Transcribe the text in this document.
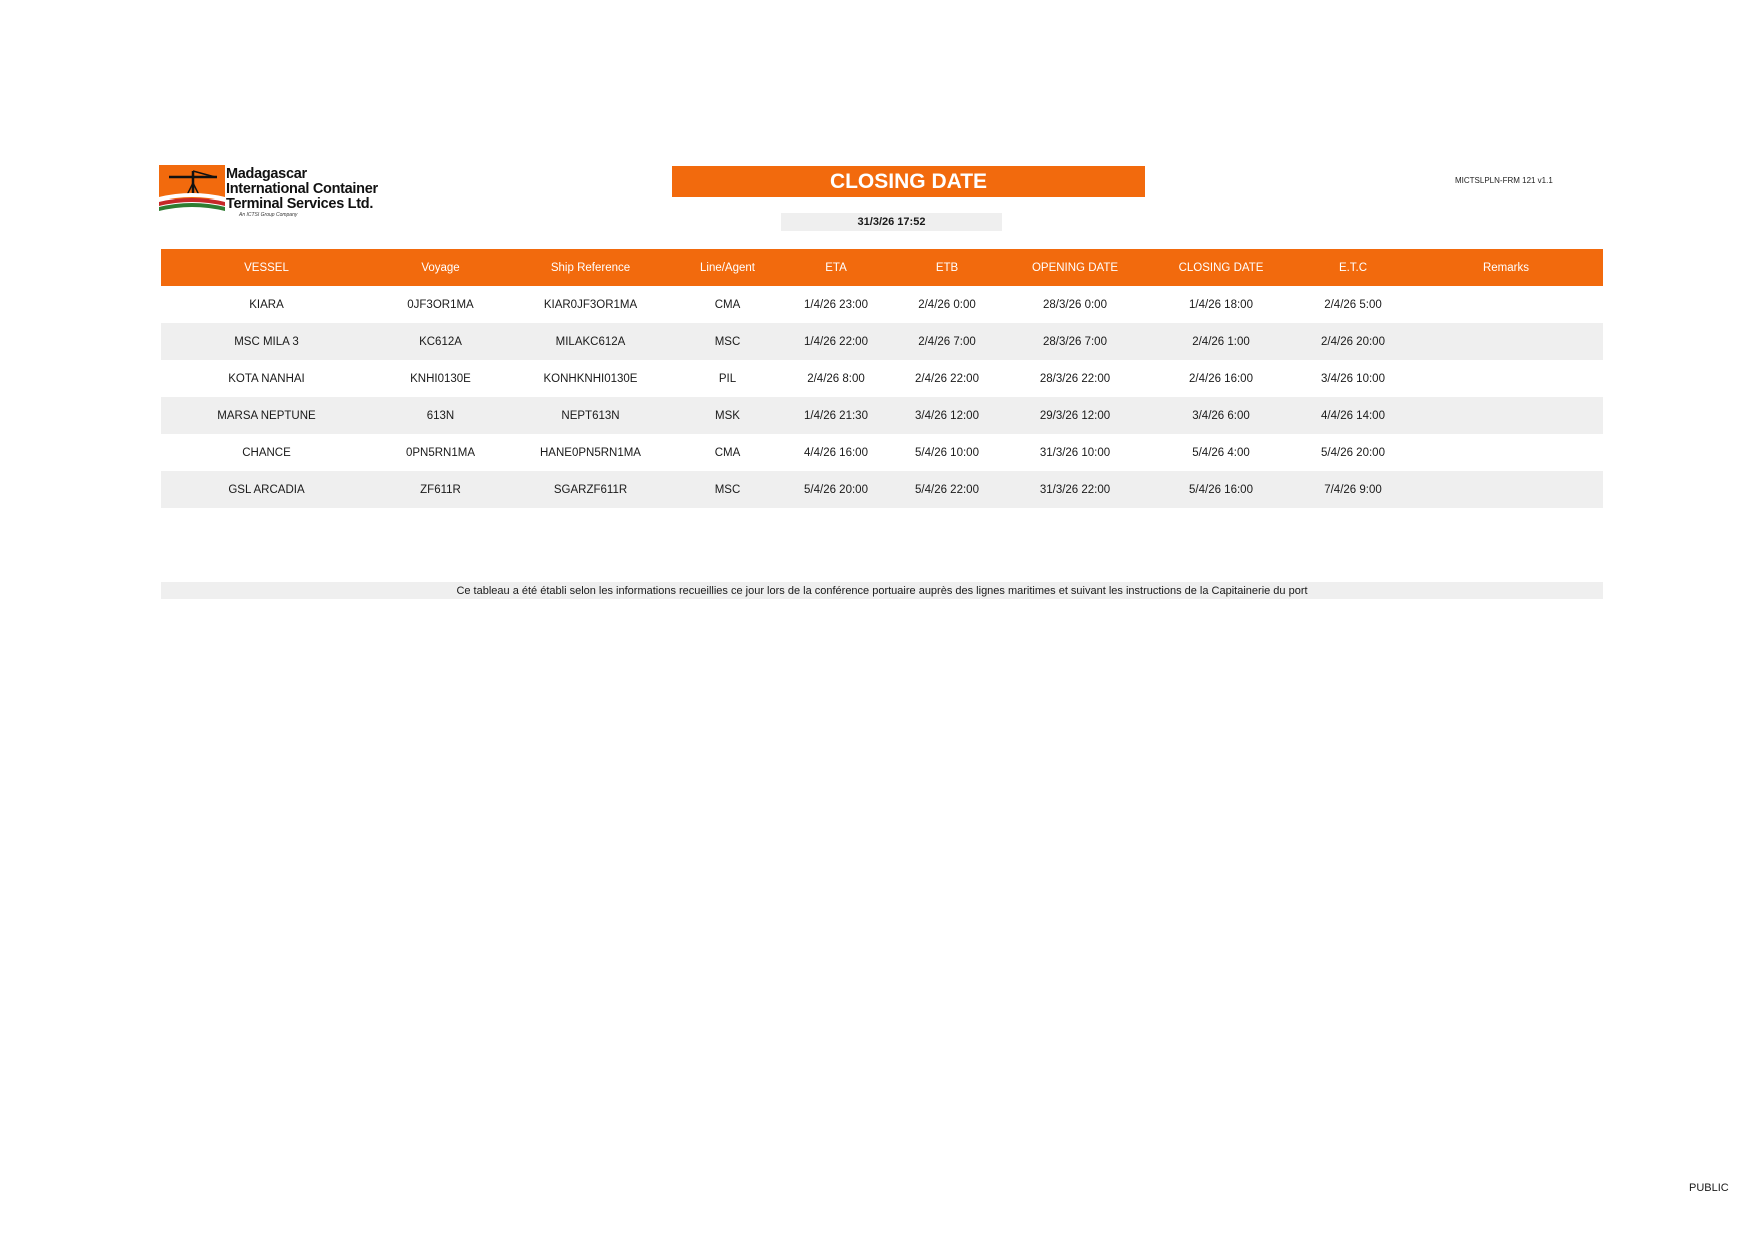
Madagascar
International Container
Terminal Services Ltd.
An ICTSI Group Company
CLOSING DATE
31/3/26 17:52
MICTSLPLN-FRM 121 v1.1
VESSEL	Voyage	Ship Reference	Line/Agent	ETA	ETB	OPENING DATE	CLOSING DATE	E.T.C	Remarks
KIARA	0JF3OR1MA	KIAR0JF3OR1MA	CMA	1/4/26 23:00	2/4/26 0:00	28/3/26 0:00	1/4/26 18:00	2/4/26 5:00	
MSC MILA 3	KC612A	MILAKC612A	MSC	1/4/26 22:00	2/4/26 7:00	28/3/26 7:00	2/4/26 1:00	2/4/26 20:00	
KOTA NANHAI	KNHI0130E	KONHKNHI0130E	PIL	2/4/26 8:00	2/4/26 22:00	28/3/26 22:00	2/4/26 16:00	3/4/26 10:00	
MARSA NEPTUNE	613N	NEPT613N	MSK	1/4/26 21:30	3/4/26 12:00	29/3/26 12:00	3/4/26 6:00	4/4/26 14:00	
CHANCE	0PN5RN1MA	HANE0PN5RN1MA	CMA	4/4/26 16:00	5/4/26 10:00	31/3/26 10:00	5/4/26 4:00	5/4/26 20:00	
GSL ARCADIA	ZF611R	SGARZF611R	MSC	5/4/26 20:00	5/4/26 22:00	31/3/26 22:00	5/4/26 16:00	7/4/26 9:00	
Ce tableau a été établi selon les informations recueillies ce jour lors de la conférence portuaire auprès des lignes maritimes et suivant les instructions de la Capitainerie du port
PUBLIC
